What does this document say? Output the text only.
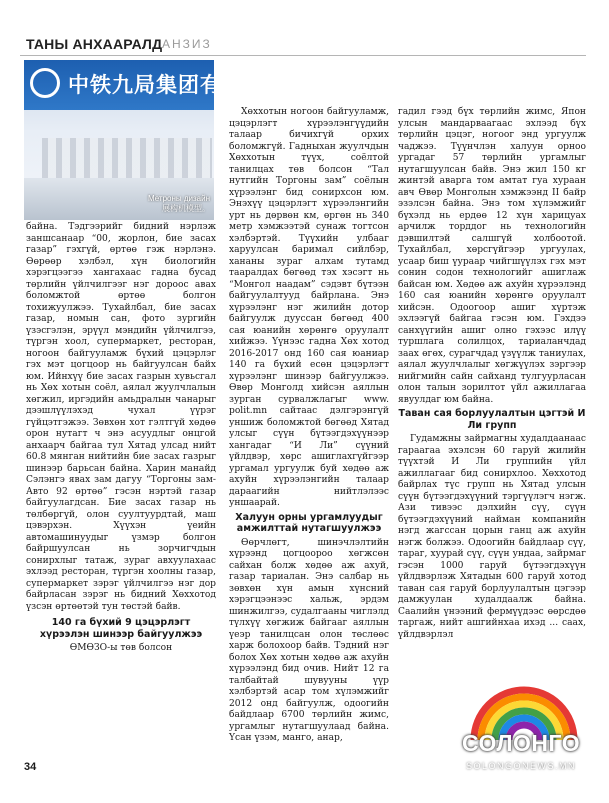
ТАНЫ АНХААРАЛД АНЗИЗ
中铁九局集团有限公司
Метроны дизайн
展构机模型。

байна. Тэдгээрийг бидний нэрлэж заншсанаар “00, жорлон, бие засах газар” гэхгүй, өртөө гэж нэрлэнэ. Өөрөөр хэлбэл, хүн биологийн хэрэгцээгээ хангахаас гадна бусад төрлийн үйлчилгээг нэг дороос авах боломжтой өртөө болгон тохижуулжээ. Тухайлбал, бие засах газар, номын сан, фото зургийн үзэсгэлэн, эрүүл мэндийн үйлчилгээ, түргэн хоол, супермаркет, ресторан, ногоон байгууламж бүхий цэцэрлэг гэх мэт цогцоор нь байгуулсан байх юм. Ийнхүү бие засах газрын хувьсгал нь Хөх хотын соёл, аялал жуулчлалын хөгжил, иргэдийн амьдралын чанарыг дээшлүүлэхэд чухал үүрэг гүйцэтгэжээ. Зөвхөн хот гэлтгүй хөдөө орон нутагт ч энэ асуудлыг онцгой анхаарч байгаа тул Хятад улсад нийт 60.8 мянган нийтийн бие засах газрыг шинээр барьсан байна. Харин манайд Сэлэнгэ явах зам дагуу “Торгоны зам-Авто 92 өртөө” гэсэн нэртэй газар байгуулагдсан. Бие засах газар нь төлбөргүй, олон суултуурдтай, маш цэвэрхэн. Хүүхэн үеийн автомашинуудыг үзмэр болгон байршуулсан нь зорчигчдын сонирхлыг татаж, зураг авхуулахаас эхлээд ресторан, түргэн хоолны газар, супермаркет зэрэг үйлчилгээ нэг дор байрласан зэрэг нь бидний Хөххотод үзсэн өртөөтэй тун төстэй байв.

140 га бүхий 9 цэцэрлэгт хүрээлэн шинээр байгуулжээ

ӨМӨЗО-ы төв болсон

Хөххотын ногоон байгууламж, цэцэрлэгт хүрээлэнгүүдийн талаар бичихгүй орхих боломжгүй. Гадныхан жуулчдын Хөххотын түүх, соёлтой танилцах төв болсон “Тал нутгийн Торгоны зам” соёлын хүрээлэнг бид сонирхсон юм. Энэхүү цэцэрлэгт хүрээлэнгийн урт нь дөрвөн км, өргөн нь 340 метр хэмжээтэй сунаж тогтсон хэлбэртэй. Түүхийн улбааг харуулсан баримал сийлбэр, хананы зураг алхам тутамд тааралдах бөгөөд тэх хэсэгт нь “Монгол наадам” сэдэвт бүтээн байгуулалтууд байрлана. Энэ хүрээлэнг нэг жилийн дотор байгуулж дууссан бөгөөд 400 сая юанийн хөрөнгө оруулалт хийжээ. Үүнээс гадна Хөх хотод 2016-2017 онд 160 сая юаниар 140 га бүхий есөн цэцэрлэгт хүрээлэнг шинээр байгуулжээ. Өвөр Монголд хийсэн аяллын зурган сурвалжлагыг www. polit.mn сайтаас дэлгэрэнгүй уншиж боломжтой бөгөөд Хятад улсыг сүүн бүтээгдэхүүнээр хангадаг “И Ли” сүүний үйлдвэр, хөрс ашиглахгүйгээр ургамал ургуулж буй хөдөө аж ахуйн хүрээлэнгийн талаар дараагийн нийтлэлээс уншаарай.

Халуун орны ургамлуудыг амжилттай нутагшуулжээ

Өөрчлөгт, шинэчлэлтийн хүрээнд цогцоороо хөгжсөн сайхан болж хөдөө аж ахуй, газар тариалан. Энэ салбар нь зөвхөн хүн амын хүнсний хэрэгцээнээс хальж, эрдэм шинжилгээ, судалгааны чиглэлд түлхүү хөгжиж байгааг аяллын үеэр танилцсан олон төслөөс харж болохоор байв. Тэдний нэг болох Хөх хотын хөдөө аж ахуйн хүрээлэнд бид очив. Нийт 12 га талбайтай шувууны үүр хэлбэртэй асар том хүлэмжийг 2012 онд байгуулж, одоогийн байдлаар 6700 төрлийн жимс, ургамлыг нутагшуулаад байна. Үсан үзэм, манго, анар,

гадил гээд бүх төрлийн жимс, Япон улсын мандарваагаас эхлээд бүх төрлийн цэцэг, ногоог энд ургуулж чаджээ. Түүнчлэн халуун орноо ургадаг 57 төрлийн ургамлыг нутагшуулсан байв. Энэ жил 150 кг жинтэй аварга том амтат гуа хураан авч Өвөр Монголын хэмжээнд II байр эзэлсэн байна. Энэ том хүлэмжийг бүхэлд нь ердөө 12 хүн харицуах арчилж торддог нь технологийн дэвшилтэй салшгүй холбоотой. Тухайлбал, хөрсгүйгээр ургуулах, усаар биш үураар чийгшүүлэх гэх мэт сонин содон технологийг ашиглаж байсан юм. Хөдөө аж ахуйн хүрээлэнд 160 сая юанийн хөрөнгө оруулалт хийсэн. Одоогоор ашиг хүртэж эхлээгүй байгаа гэсэн юм. Гэхдээ санхүүгийн ашиг олно гэхээс илүү туршлага солилцох, тариаланчдад заах өгөх, сурагчдад үзүүлж таниулах, аялал жуулчлалыг хөгжүүлэх зэргээр нийгмийн сайн сайханд тулгуурласан олон талын зорилтот үйл ажиллагаа явуулдаг юм байна.

Таван сая борлуулалтын цэгтэй И Ли групп

Гудамжны зайрмагны худалдаанаас гараагаа эхэлсэн 60 гаруй жилийн түүхтэй И Ли группийн үйл ажиллагааг бид сонирхлоо. Хөххотод байрлах түс групп нь Хятад улсын сүүн бүтээгдэхүүний тэргүүлэгч нэгж. Ази тивээс дэлхийн сүү, сүүн бүтээгдэхүүний найман компанийн нэгд жагссан цорын ганц аж ахуйн нэгж болжээ. Одоогийн байдлаар сүү, тараг, хуурай сүү, сүүн ундаа, зайрмаг гэсэн 1000 гаруй бүтээгдэхүүн үйлдвэрлэж Хятадын 600 гаруй хотод таван сая гаруй борлуулалтын цэгээр дамжуулан худалдаалж байна. Саалийн үнээний фермүүдээс өөрсдөө таргаж, нийт ашгийнхаа ихэд ... саах, үйлдвэрлэл

34
СОЛОНГО
SOLONGONEWS.MN
